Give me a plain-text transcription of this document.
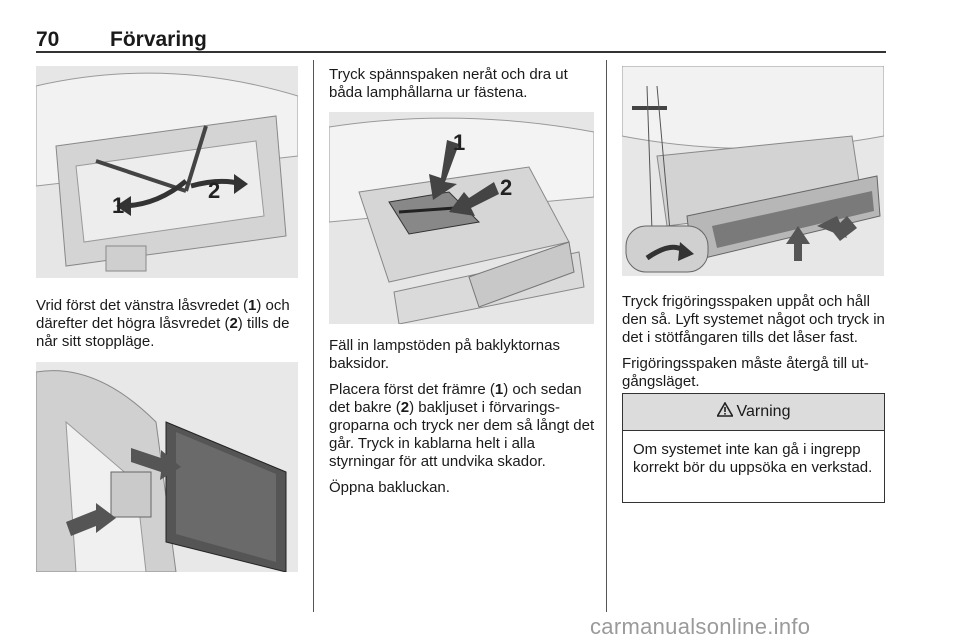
70 Förvaring
1
2
Vrid först det vänstra låsvredet (1) och därefter det högra låsvredet (2) tills de når sitt stoppläge.
Tryck spännspaken neråt och dra ut båda lamphållarna ur fästena.
1
2

Fäll in lampstöden på baklyktornas baksidor.

Placera först det främre (1) och sedan det bakre (2) bakljuset i förvaringsgroparna och tryck ner dem så långt det går. Tryck in kablarna helt i alla styrningar för att undvika skador.

Öppna bakluckan.

Tryck frigöringsspaken uppåt och håll den så. Lyft systemet något och tryck in det i stötfångaren tills det låser fast.

Frigöringsspaken måste återgå till utgångsläget.

Varning
Om systemet inte kan gå i ingrepp korrekt bör du uppsöka en verkstad.
carmanualsonline.info
